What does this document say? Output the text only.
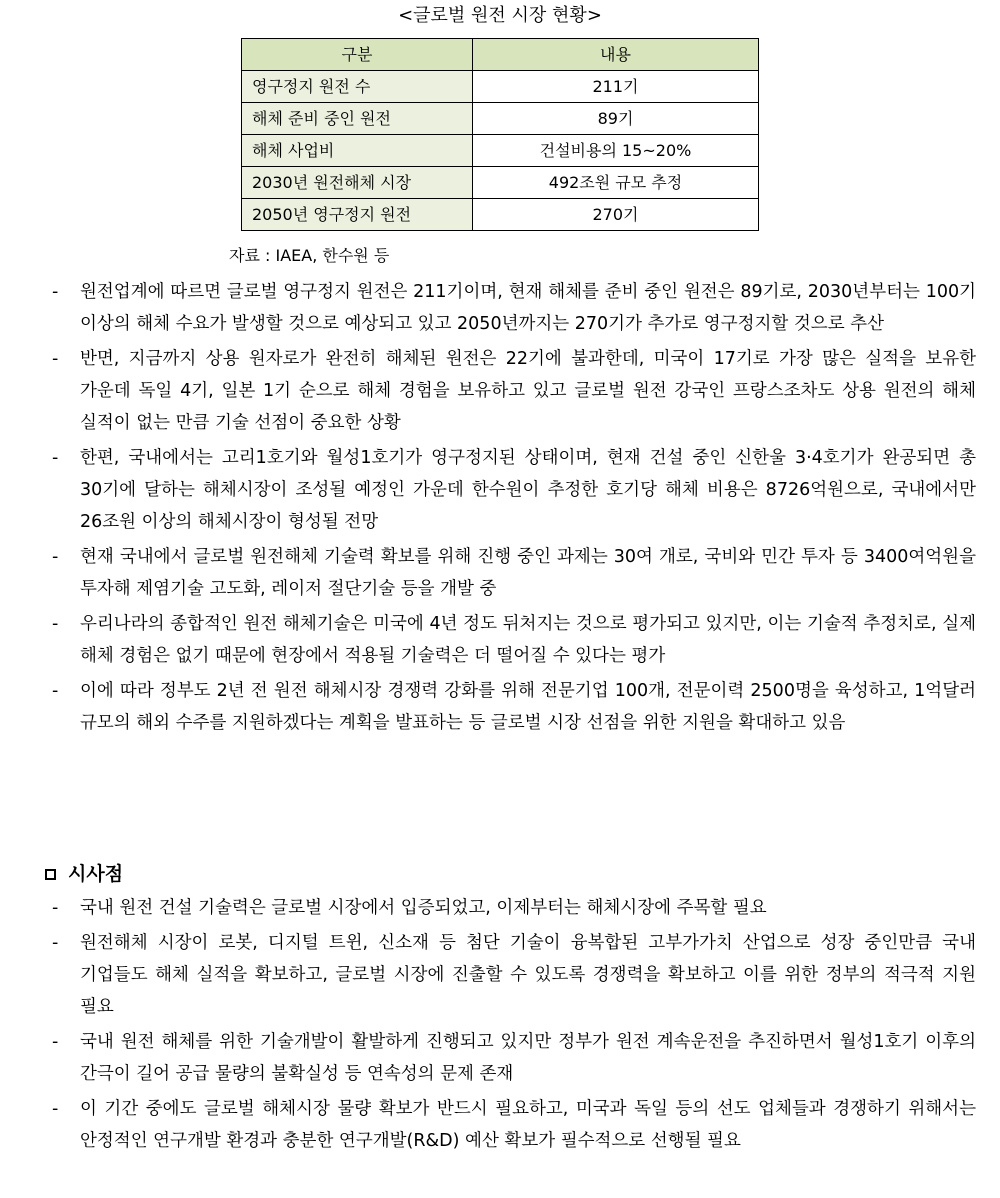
<글로벌 원전 시장 현황>
구분	내용
영구정지 원전 수	211기
해체 준비 중인 원전	89기
해체 사업비	건설비용의 15~20%
2030년 원전해체 시장	492조원 규모 추정
2050년 영구정지 원전	270기
자료 : IAEA, 한수원 등
- 원전업계에 따르면 글로벌 영구정지 원전은 211기이며, 현재 해체를 준비 중인 원전은 89기로, 2030년부터는 100기 이상의 해체 수요가 발생할 것으로 예상되고 있고 2050년까지는 270기가 추가로 영구정지할 것으로 추산
- 반면, 지금까지 상용 원자로가 완전히 해체된 원전은 22기에 불과한데, 미국이 17기로 가장 많은 실적을 보유한 가운데 독일 4기, 일본 1기 순으로 해체 경험을 보유하고 있고 글로벌 원전 강국인 프랑스조차도 상용 원전의 해체 실적이 없는 만큼 기술 선점이 중요한 상황
- 한편, 국내에서는 고리1호기와 월성1호기가 영구정지된 상태이며, 현재 건설 중인 신한울 3·4호기가 완공되면 총 30기에 달하는 해체시장이 조성될 예정인 가운데 한수원이 추정한 호기당 해체 비용은 8726억원으로, 국내에서만 26조원 이상의 해체시장이 형성될 전망
- 현재 국내에서 글로벌 원전해체 기술력 확보를 위해 진행 중인 과제는 30여 개로, 국비와 민간 투자 등 3400여억원을 투자해 제염기술 고도화, 레이저 절단기술 등을 개발 중
- 우리나라의 종합적인 원전 해체기술은 미국에 4년 정도 뒤처지는 것으로 평가되고 있지만, 이는 기술적 추정치로, 실제 해체 경험은 없기 때문에 현장에서 적용될 기술력은 더 떨어질 수 있다는 평가
- 이에 따라 정부도 2년 전 원전 해체시장 경쟁력 강화를 위해 전문기업 100개, 전문이력 2500명을 육성하고, 1억달러 규모의 해외 수주를 지원하겠다는 계획을 발표하는 등 글로벌 시장 선점을 위한 지원을 확대하고 있음
시사점
- 국내 원전 건설 기술력은 글로벌 시장에서 입증되었고, 이제부터는 해체시장에 주목할 필요
- 원전해체 시장이 로봇, 디지털 트윈, 신소재 등 첨단 기술이 융복합된 고부가가치 산업으로 성장 중인만큼 국내 기업들도 해체 실적을 확보하고, 글로벌 시장에 진출할 수 있도록 경쟁력을 확보하고 이를 위한 정부의 적극적 지원 필요
- 국내 원전 해체를 위한 기술개발이 활발하게 진행되고 있지만 정부가 원전 계속운전을 추진하면서 월성1호기 이후의 간극이 길어 공급 물량의 불확실성 등 연속성의 문제 존재
- 이 기간 중에도 글로벌 해체시장 물량 확보가 반드시 필요하고, 미국과 독일 등의 선도 업체들과 경쟁하기 위해서는 안정적인 연구개발 환경과 충분한 연구개발(R&D) 예산 확보가 필수적으로 선행될 필요
